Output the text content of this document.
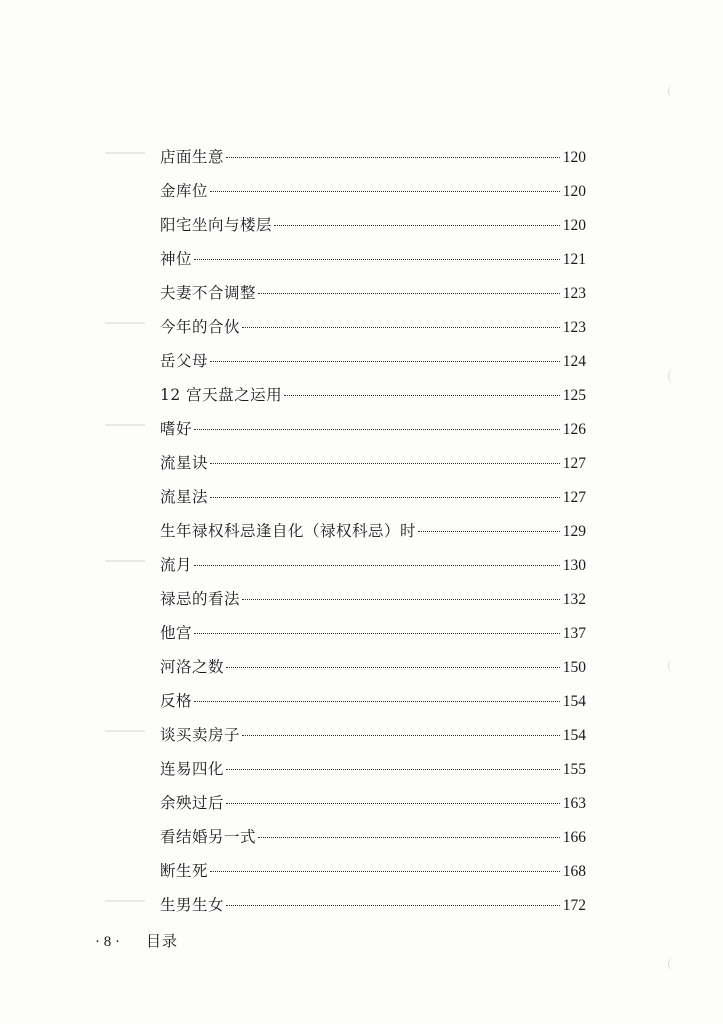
店面生意	120
金库位	120
阳宅坐向与楼层	120
神位	121
夫妻不合调整	123
今年的合伙	123
岳父母	124
12 宫天盘之运用	125
嗜好	126
流星诀	127
流星法	127
生年禄权科忌逢自化（禄权科忌）时	129
流月	130
禄忌的看法	132
他宫	137
河洛之数	150
反格	154
谈买卖房子	154
连易四化	155
余殃过后	163
看结婚另一式	166
断生死	168
生男生女	172
· 8 · 目录
